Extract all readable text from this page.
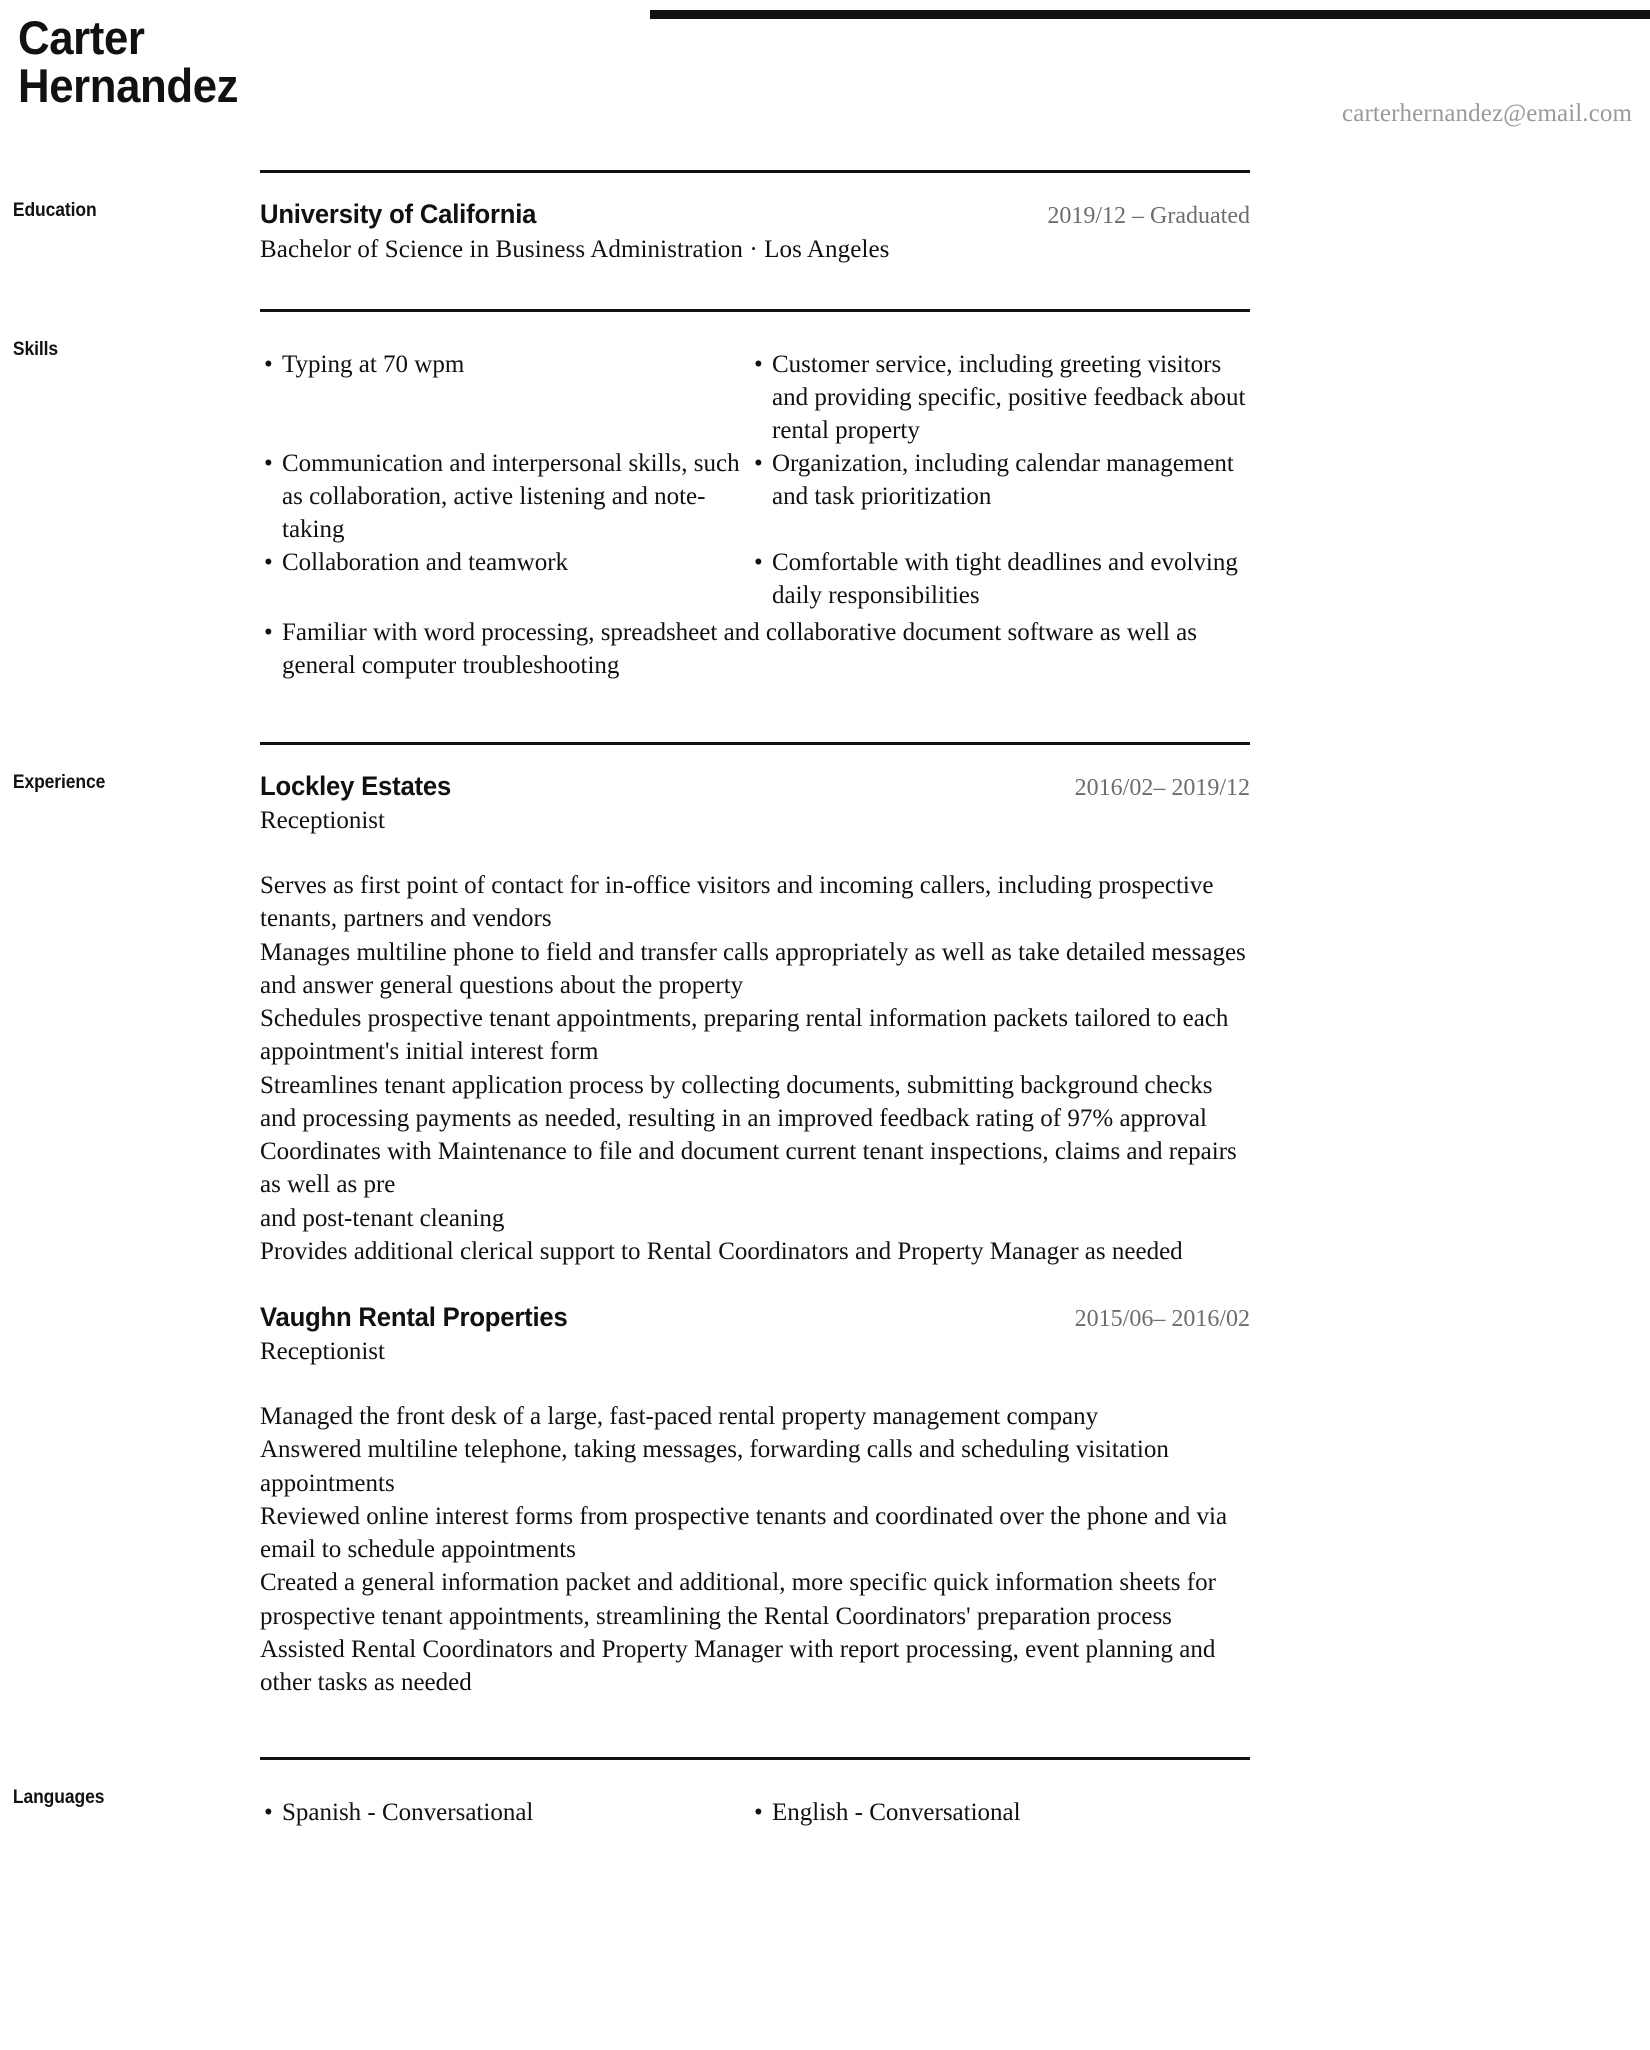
Carter
Hernandez
carterhernandez@email.com
Education	University of California	2019/12 – Graduated
Bachelor of Science in Business Administration · Los Angeles
Skills
• Typing at 70 wpm	• Customer service, including greeting visitors and providing specific, positive feedback about rental property
• Communication and interpersonal skills, such as collaboration, active listening and note-taking
• Organization, including calendar management and task prioritization
• Collaboration and teamwork	• Comfortable with tight deadlines and evolving daily responsibilities
• Familiar with word processing, spreadsheet and collaborative document software as well as general computer troubleshooting
Experience	Lockley Estates	2016/02– 2019/12
Receptionist
Serves as first point of contact for in-office visitors and incoming callers, including prospective tenants, partners and vendors
Manages multiline phone to field and transfer calls appropriately as well as take detailed messages and answer general questions about the property
Schedules prospective tenant appointments, preparing rental information packets tailored to each appointment's initial interest form
Streamlines tenant application process by collecting documents, submitting background checks and processing payments as needed, resulting in an improved feedback rating of 97% approval
Coordinates with Maintenance to file and document current tenant inspections, claims and repairs as well as pre
and post-tenant cleaning
Provides additional clerical support to Rental Coordinators and Property Manager as needed
Vaughn Rental Properties	2015/06– 2016/02
Receptionist
Managed the front desk of a large, fast-paced rental property management company
Answered multiline telephone, taking messages, forwarding calls and scheduling visitation appointments
Reviewed online interest forms from prospective tenants and coordinated over the phone and via email to schedule appointments
Created a general information packet and additional, more specific quick information sheets for prospective tenant appointments, streamlining the Rental Coordinators' preparation process
Assisted Rental Coordinators and Property Manager with report processing, event planning and other tasks as needed
Languages
• Spanish - Conversational	• English - Conversational
